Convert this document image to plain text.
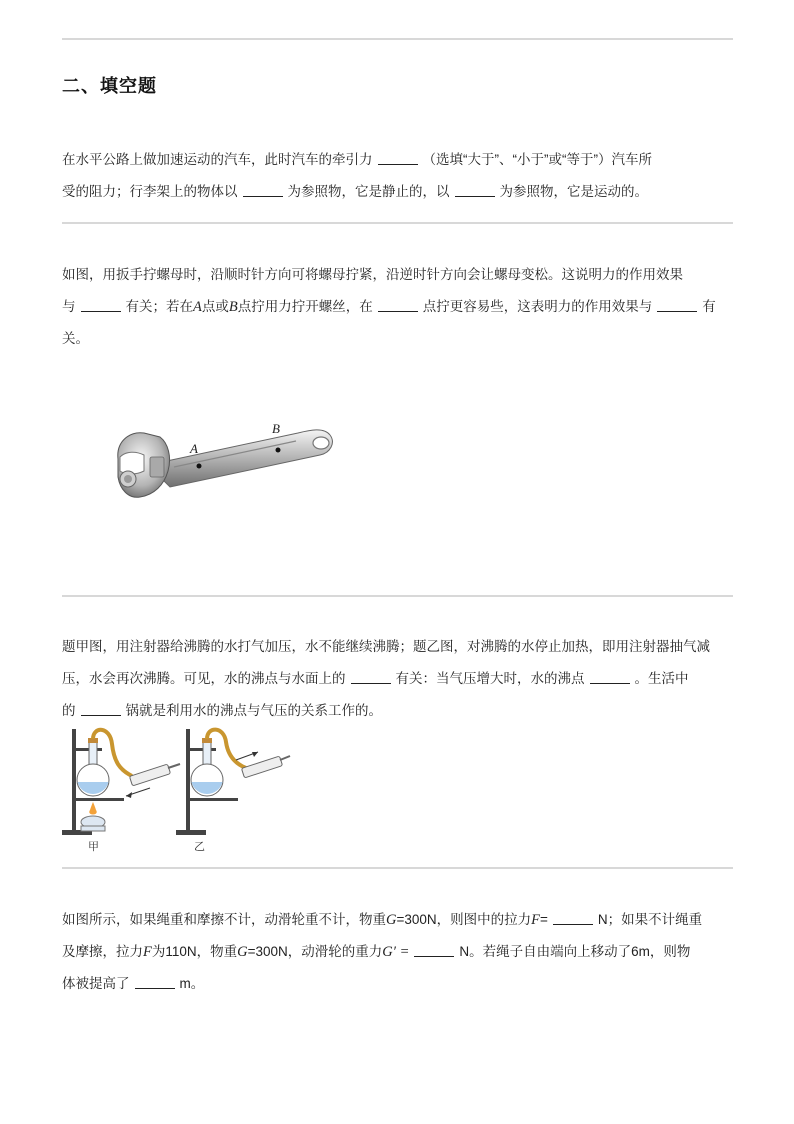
二、填空题
在水平公路上做加速运动的汽车，此时汽车的牵引力	（选填“大于”、“小于”或“等于”）汽车所
受的阻力；行李架上的物体以	为参照物，它是静止的，以	为参照物，它是运动的。
如图，用扳手拧螺母时，沿顺时针方向可将螺母拧紧，沿逆时针方向会让螺母变松。这说明力的作用效果
与	有关；若在A点或B点拧用力拧开螺丝，在	点拧更容易些，这表明力的作用效果与	有
关。
A
B
题甲图，用注射器给沸腾的水打气加压，水不能继续沸腾；题乙图，对沸腾的水停止加热，即用注射器抽气减
压，水会再次沸腾。可见，水的沸点与水面上的	有关：当气压增大时，水的沸点	。生活中
的	锅就是利用水的沸点与气压的关系工作的。
甲	乙
如图所示，如果绳重和摩擦不计，动滑轮重不计，物重G=300N，则图中的拉力F=	N；如果不计绳重
及摩擦，拉力F为110N，物重G=300N，动滑轮的重力G′ =	N。若绳子自由端向上移动了6m，则物
体被提高了	m。
